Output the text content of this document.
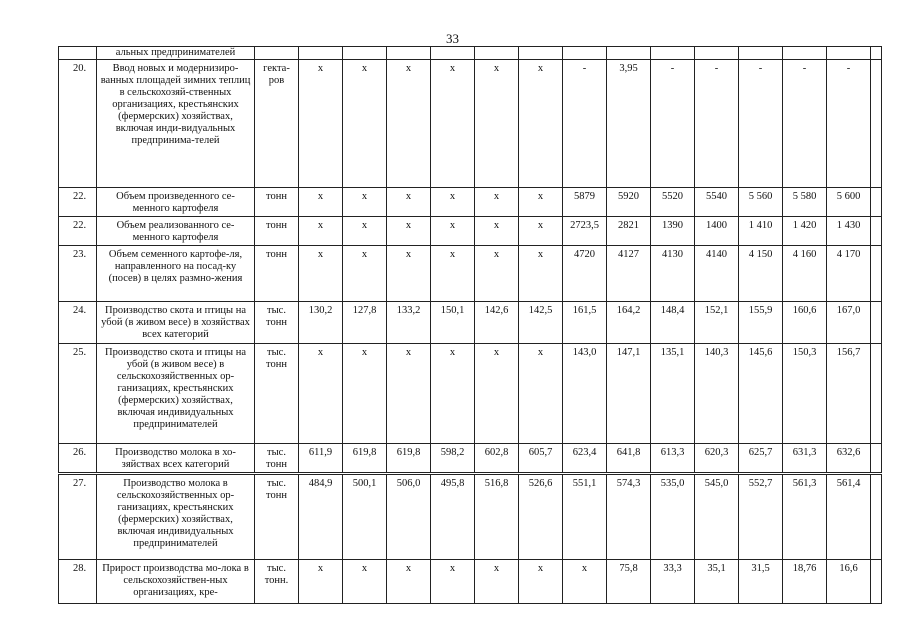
33
	альных предпринимателей															
20.	Ввод новых и модернизиро-ванных площадей зимних теплиц в сельскохозяй-ственных организациях, крестьянских (фермерских) хозяйствах, включая инди-видуальных предпринима-телей	гекта-ров	х	х	х	х	х	х	-	3,95	-	-	-	-	-	
22.	Объем произведенного се-менного картофеля	тонн	х	х	х	х	х	х	5879	5920	5520	5540	5 560	5 580	5 600	
22.	Объем реализованного се-менного картофеля	тонн	х	х	х	х	х	х	2723,5	2821	1390	1400	1 410	1 420	1 430	
23.	Объем семенного картофе-ля, направленного на посад-ку (посев) в целях размно-жения	тонн	х	х	х	х	х	х	4720	4127	4130	4140	4 150	4 160	4 170	
24.	Производство скота и птицы на убой (в живом весе) в хозяйствах всех категорий	тыс. тонн	130,2	127,8	133,2	150,1	142,6	142,5	161,5	164,2	148,4	152,1	155,9	160,6	167,0	
25.	Производство скота и птицы на убой (в живом весе) в сельскохозяйственных ор-ганизациях, крестьянских (фермерских) хозяйствах, включая индивидуальных предпринимателей	тыс. тонн	х	х	х	х	х	х	143,0	147,1	135,1	140,3	145,6	150,3	156,7	
26.	Производство молока в хо-зяйствах всех категорий	тыс. тонн	611,9	619,8	619,8	598,2	602,8	605,7	623,4	641,8	613,3	620,3	625,7	631,3	632,6	
27.	Производство молока в сельскохозяйственных ор-ганизациях, крестьянских (фермерских) хозяйствах, включая индивидуальных предпринимателей	тыс. тонн	484,9	500,1	506,0	495,8	516,8	526,6	551,1	574,3	535,0	545,0	552,7	561,3	561,4	
28.	Прирост производства мо-лока в сельскохозяйствен-ных организациях, кре-	тыс. тонн.	х	х	х	х	х	х	х	75,8	33,3	35,1	31,5	18,76	16,6	
